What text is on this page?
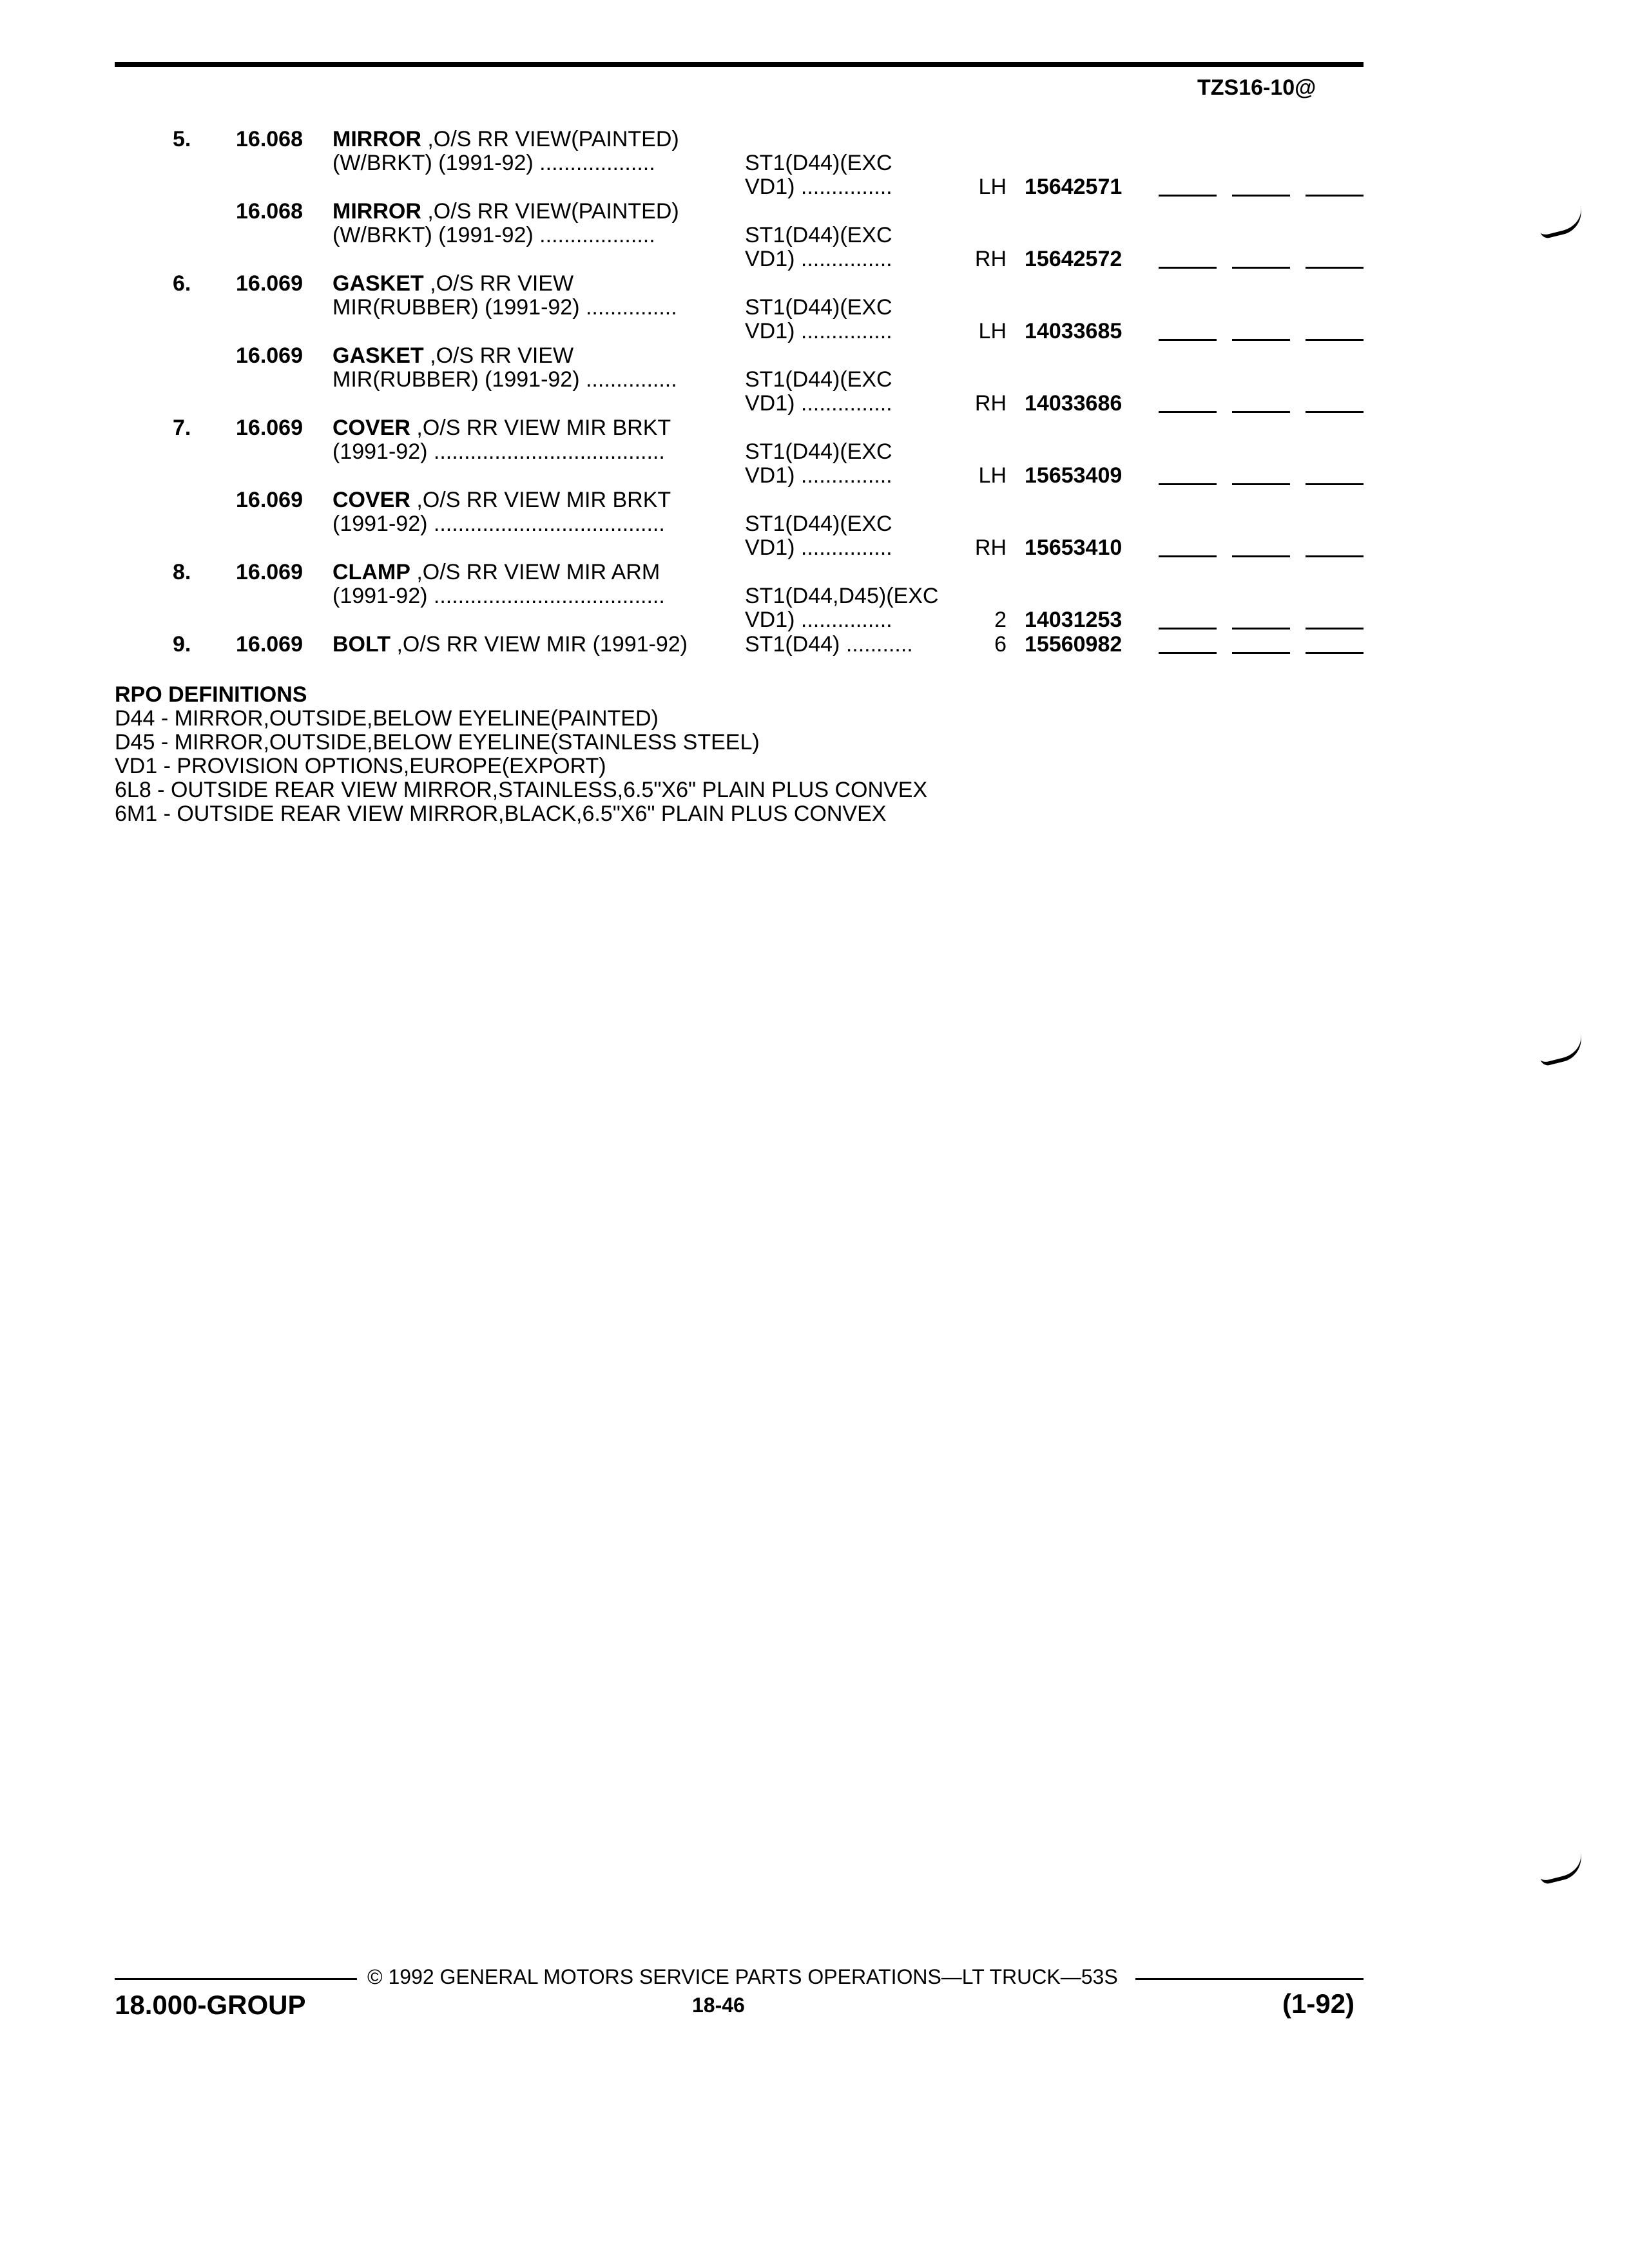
TZS16-10@
5. 16.068 MIRROR ,O/S RR VIEW(PAINTED)
(W/BRKT) (1991-92) ...................	ST1(D44)(EXC
VD1) ...............	LH 15642571
16.068 MIRROR ,O/S RR VIEW(PAINTED)
(W/BRKT) (1991-92) ...................	ST1(D44)(EXC
VD1) ...............	RH 15642572
6. 16.069 GASKET ,O/S RR VIEW
MIR(RUBBER) (1991-92) ...............	ST1(D44)(EXC
VD1) ...............	LH 14033685
16.069 GASKET ,O/S RR VIEW
MIR(RUBBER) (1991-92) ...............	ST1(D44)(EXC
VD1) ...............	RH 14033686
7. 16.069 COVER ,O/S RR VIEW MIR BRKT
(1991-92) ......................................	ST1(D44)(EXC
VD1) ...............	LH 15653409
16.069 COVER ,O/S RR VIEW MIR BRKT
(1991-92) ......................................	ST1(D44)(EXC
VD1) ...............	RH 15653410
8. 16.069 CLAMP ,O/S RR VIEW MIR ARM
(1991-92) ......................................	ST1(D44,D45)(EXC
VD1) ...............	2 14031253
9. 16.069 BOLT ,O/S RR VIEW MIR (1991-92)	ST1(D44) ...........	6 15560982
RPO DEFINITIONS
D44 - MIRROR,OUTSIDE,BELOW EYELINE(PAINTED)
D45 - MIRROR,OUTSIDE,BELOW EYELINE(STAINLESS STEEL)
VD1 - PROVISION OPTIONS,EUROPE(EXPORT)
6L8 - OUTSIDE REAR VIEW MIRROR,STAINLESS,6.5"X6" PLAIN PLUS CONVEX
6M1 - OUTSIDE REAR VIEW MIRROR,BLACK,6.5"X6" PLAIN PLUS CONVEX
© 1992 GENERAL MOTORS SERVICE PARTS OPERATIONS—LT TRUCK—53S
18.000-GROUP	18-46	(1-92)
